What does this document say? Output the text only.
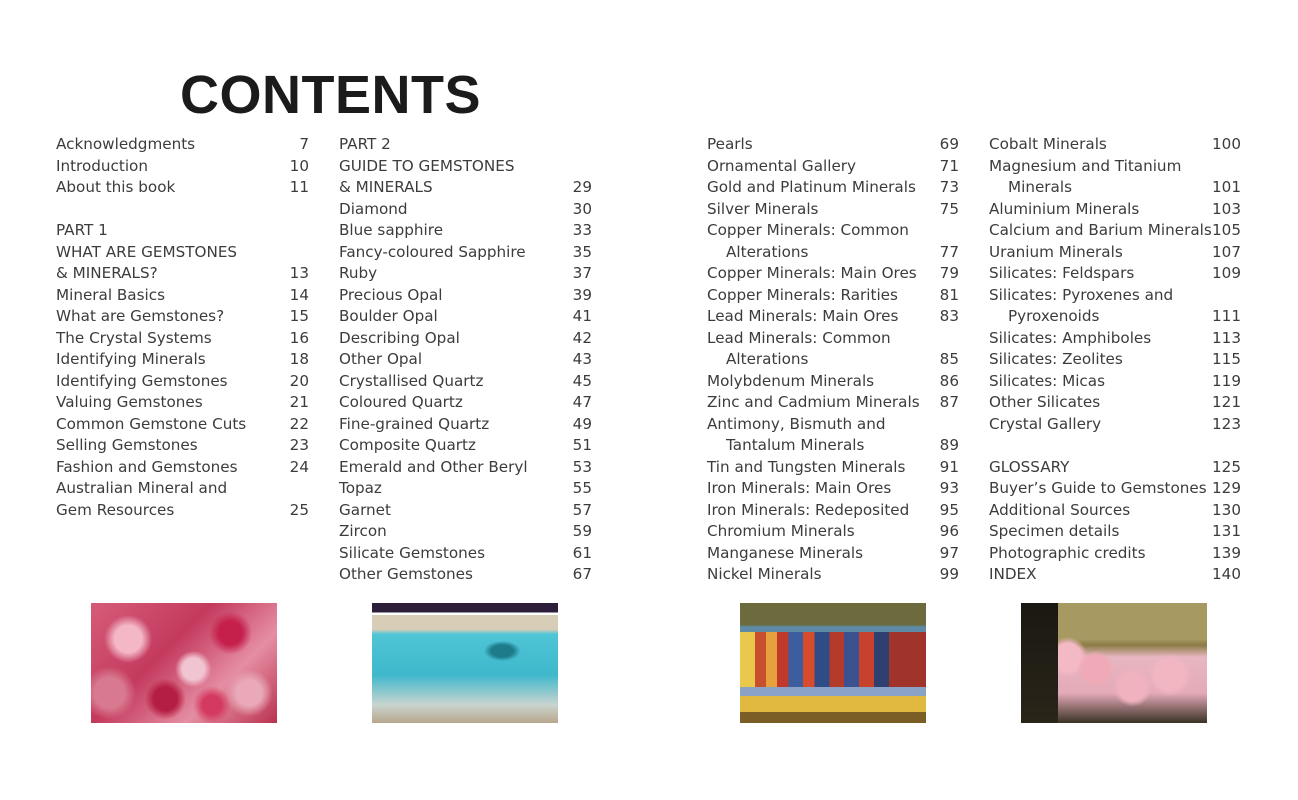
CONTENTS
Acknowledgments	7
Introduction	10
About this book	11
PART 1
WHAT ARE GEMSTONES
& MINERALS?	13
Mineral Basics	14
What are Gemstones?	15
The Crystal Systems	16
Identifying Minerals	18
Identifying Gemstones	20
Valuing Gemstones	21
Common Gemstone Cuts	22
Selling Gemstones	23
Fashion and Gemstones	24
Australian Mineral and
Gem Resources	25
PART 2
GUIDE TO GEMSTONES
& MINERALS	29
Diamond	30
Blue sapphire	33
Fancy-coloured Sapphire	35
Ruby	37
Precious Opal	39
Boulder Opal	41
Describing Opal	42
Other Opal	43
Crystallised Quartz	45
Coloured Quartz	47
Fine-grained Quartz	49
Composite Quartz	51
Emerald and Other Beryl	53
Topaz	55
Garnet	57
Zircon	59
Silicate Gemstones	61
Other Gemstones	67
Pearls	69
Ornamental Gallery	71
Gold and Platinum Minerals 73
Silver Minerals	75
Copper Minerals: Common
Alterations	77
Copper Minerals: Main Ores 79
Copper Minerals: Rarities	81
Lead Minerals: Main Ores	83
Lead Minerals: Common
Alterations	85
Molybdenum Minerals	86
Zinc and Cadmium Minerals 87
Antimony, Bismuth and
Tantalum Minerals	89
Tin and Tungsten Minerals 91
Iron Minerals: Main Ores	93
Iron Minerals: Redeposited 95
Chromium Minerals	96
Manganese Minerals	97
Nickel Minerals	99
Cobalt Minerals	100
Magnesium and Titanium
Minerals	101
Aluminium Minerals	103
Calcium and Barium Minerals 105
Uranium Minerals	107
Silicates: Feldspars	109
Silicates: Pyroxenes and
Pyroxenoids	111
Silicates: Amphiboles	113
Silicates: Zeolites	115
Silicates: Micas	119
Other Silicates	121
Crystal Gallery	123
GLOSSARY	125
Buyer’s Guide to Gemstones 129
Additional Sources	130
Specimen details	131
Photographic credits	139
INDEX	140
